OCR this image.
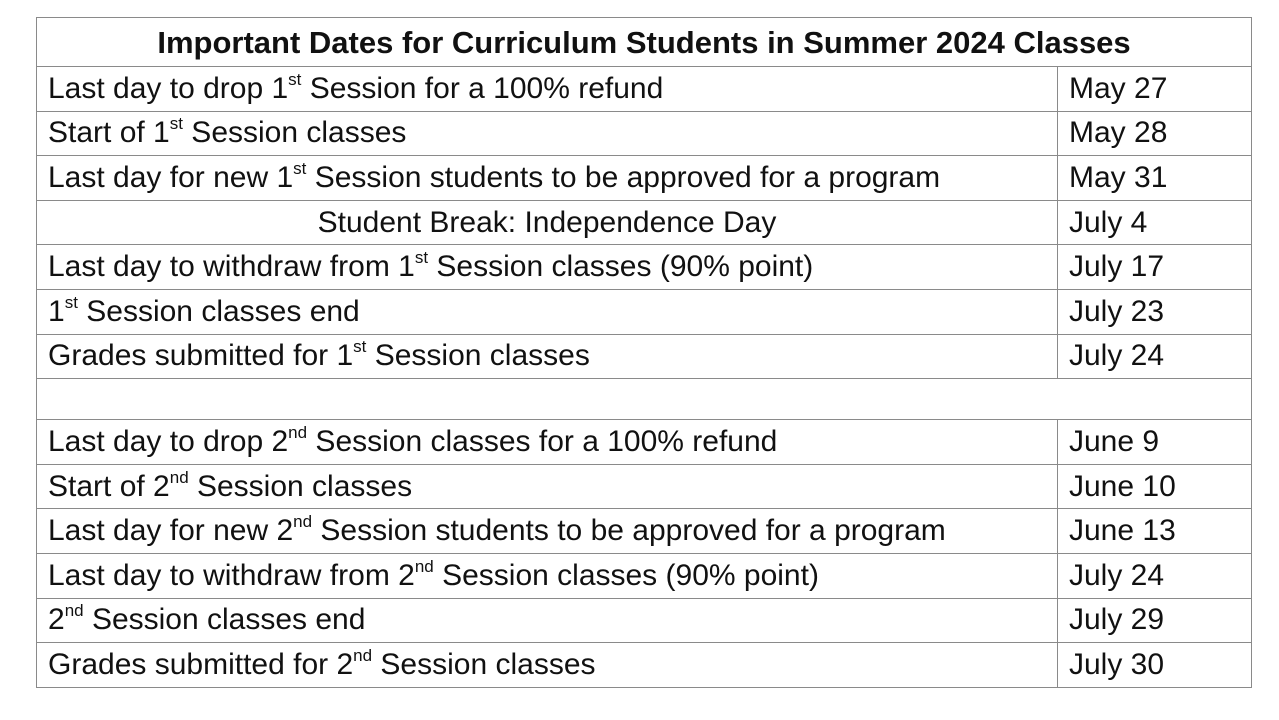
Important Dates for Curriculum Students in Summer 2024 Classes	
Last day to drop 1st Session for a 100% refund	May 27
Start of 1st Session classes	May 28
Last day for new 1st Session students to be approved for a program	May 31
Student Break: Independence Day	July 4
Last day to withdraw from 1st Session classes (90% point)	July 17
1st Session classes end	July 23
Grades submitted for 1st Session classes	July 24

Last day to drop 2nd Session classes for a 100% refund	June 9
Start of 2nd Session classes	June 10
Last day for new 2nd Session students to be approved for a program	June 13
Last day to withdraw from 2nd Session classes (90% point)	July 24
2nd Session classes end	July 29
Grades submitted for 2nd Session classes	July 30
